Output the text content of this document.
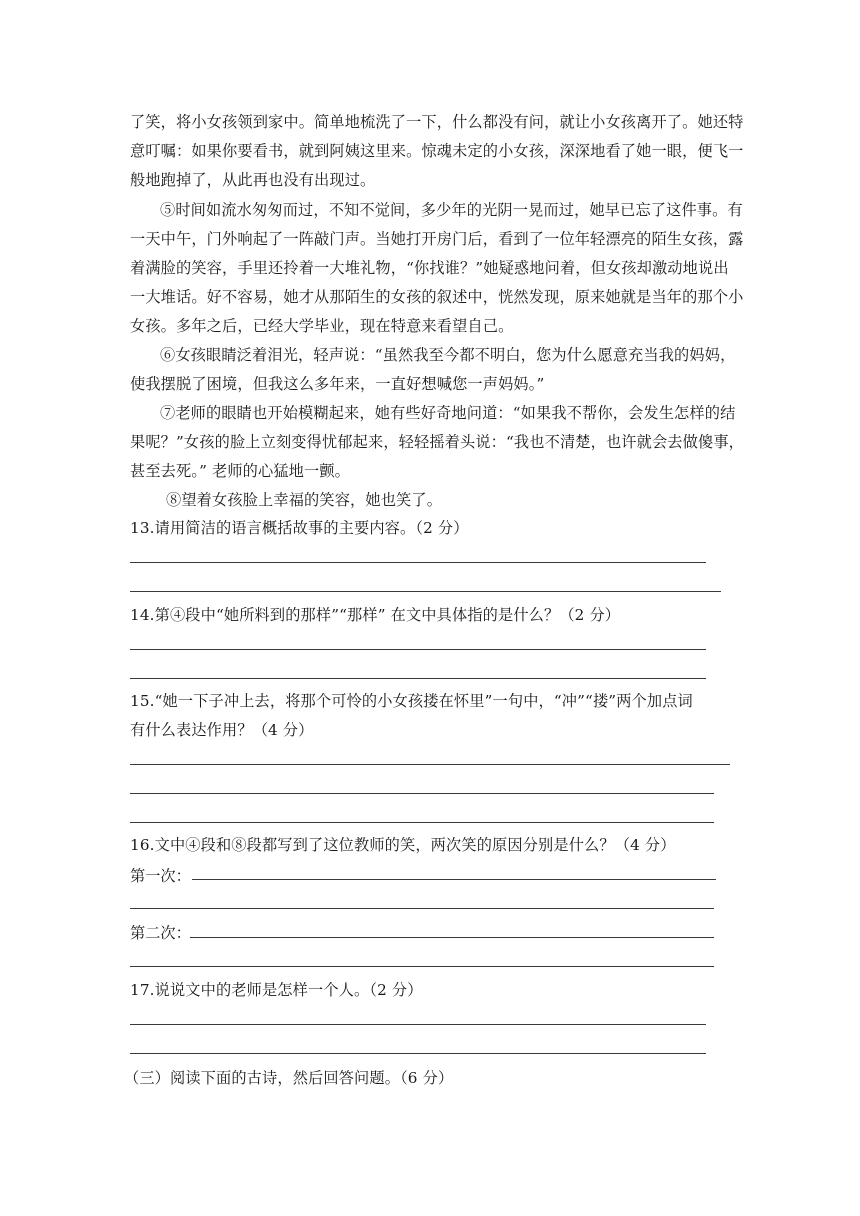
了笑，将小女孩领到家中。简单地梳洗了一下，什么都没有问，就让小女孩离开了。她还特
意叮嘱：如果你要看书，就到阿姨这里来。惊魂未定的小女孩，深深地看了她一眼，便飞一
般地跑掉了，从此再也没有出现过。
⑤时间如流水匆匆而过，不知不觉间，多少年的光阴一晃而过，她早已忘了这件事。有
一天中午，门外响起了一阵敲门声。当她打开房门后，看到了一位年轻漂亮的陌生女孩，露
着满脸的笑容，手里还拎着一大堆礼物，“你找谁？”她疑惑地问着，但女孩却激动地说出
一大堆话。好不容易，她才从那陌生的女孩的叙述中，恍然发现，原来她就是当年的那个小
女孩。多年之后，已经大学毕业，现在特意来看望自己。
⑥女孩眼睛泛着泪光，轻声说：“虽然我至今都不明白，您为什么愿意充当我的妈妈，
使我摆脱了困境，但我这么多年来，一直好想喊您一声妈妈。”
⑦老师的眼睛也开始模糊起来，她有些好奇地问道：“如果我不帮你，会发生怎样的结
果呢？”女孩的脸上立刻变得忧郁起来，轻轻摇着头说：“我也不清楚，也许就会去做傻事，
甚至去死。” 老师的心猛地一颤。
⑧望着女孩脸上幸福的笑容，她也笑了。
13.请用简洁的语言概括故事的主要内容。（2 分）
14.第④段中“她所料到的那样”“那样” 在文中具体指的是什么？（2 分）
15.“她一下子冲上去，将那个可怜的小女孩搂在怀里”一句中，“冲”“搂”两个加点词
有什么表达作用？（4 分）
16.文中④段和⑧段都写到了这位教师的笑，两次笑的原因分别是什么？（4 分）
第一次：
第二次：
17.说说文中的老师是怎样一个人。（2 分）
（三）阅读下面的古诗，然后回答问题。（6 分）
